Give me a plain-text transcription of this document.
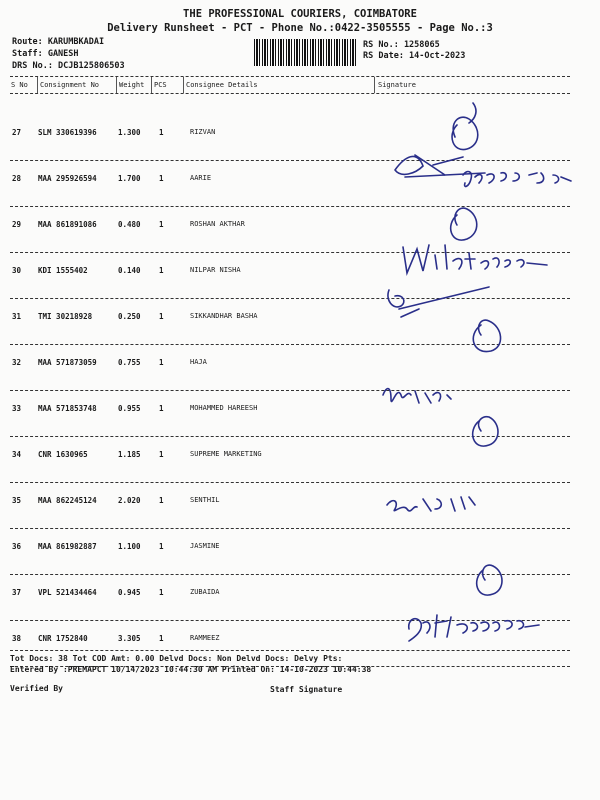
THE PROFESSIONAL COURIERS, COIMBATORE
Delivery Runsheet - PCT - Phone No.:0422-3505555 - Page No.:3
Route: KARUMBKADAI
Staff: GANESH
DRS No.: DCJB125806503
RS No.: 1258065
RS Date: 14-Oct-2023
S No Consignment No	Weight PCS	Consignee Details	Signature
27 SLM 330619396	1.300 1	RIZVAN
28 MAA 295926594	1.700 1	AARIE
29 MAA 861891086	0.480 1	ROSHAN AKTHAR
30 KDI 1555402	0.140 1	NILPAR NISHA
31 TMI 30218928	0.250 1	SIKKANDHAR BASHA
32 MAA 571873059	0.755 1	HAJA
33 MAA 571853748	0.955 1	MOHAMMED HAREESH
34 CNR 1630965	1.185 1	SUPREME MARKETING
35 MAA 862245124	2.020 1	SENTHIL
36 MAA 861982887	1.100 1	JASMINE
37 VPL 521434464	0.945 1	ZUBAIDA
38 CNR 1752840	3.305 1	RAMMEEZ
Tot Docs: 38 Tot COD Amt: 0.00 Delvd Docs: Non Delvd Docs: Delvy Pts:
Entered By :PREMAPCT 10/14/2023 10:44:30 AM Printed On: 14-10-2023 10:44:38
Verified By	Staff Signature
